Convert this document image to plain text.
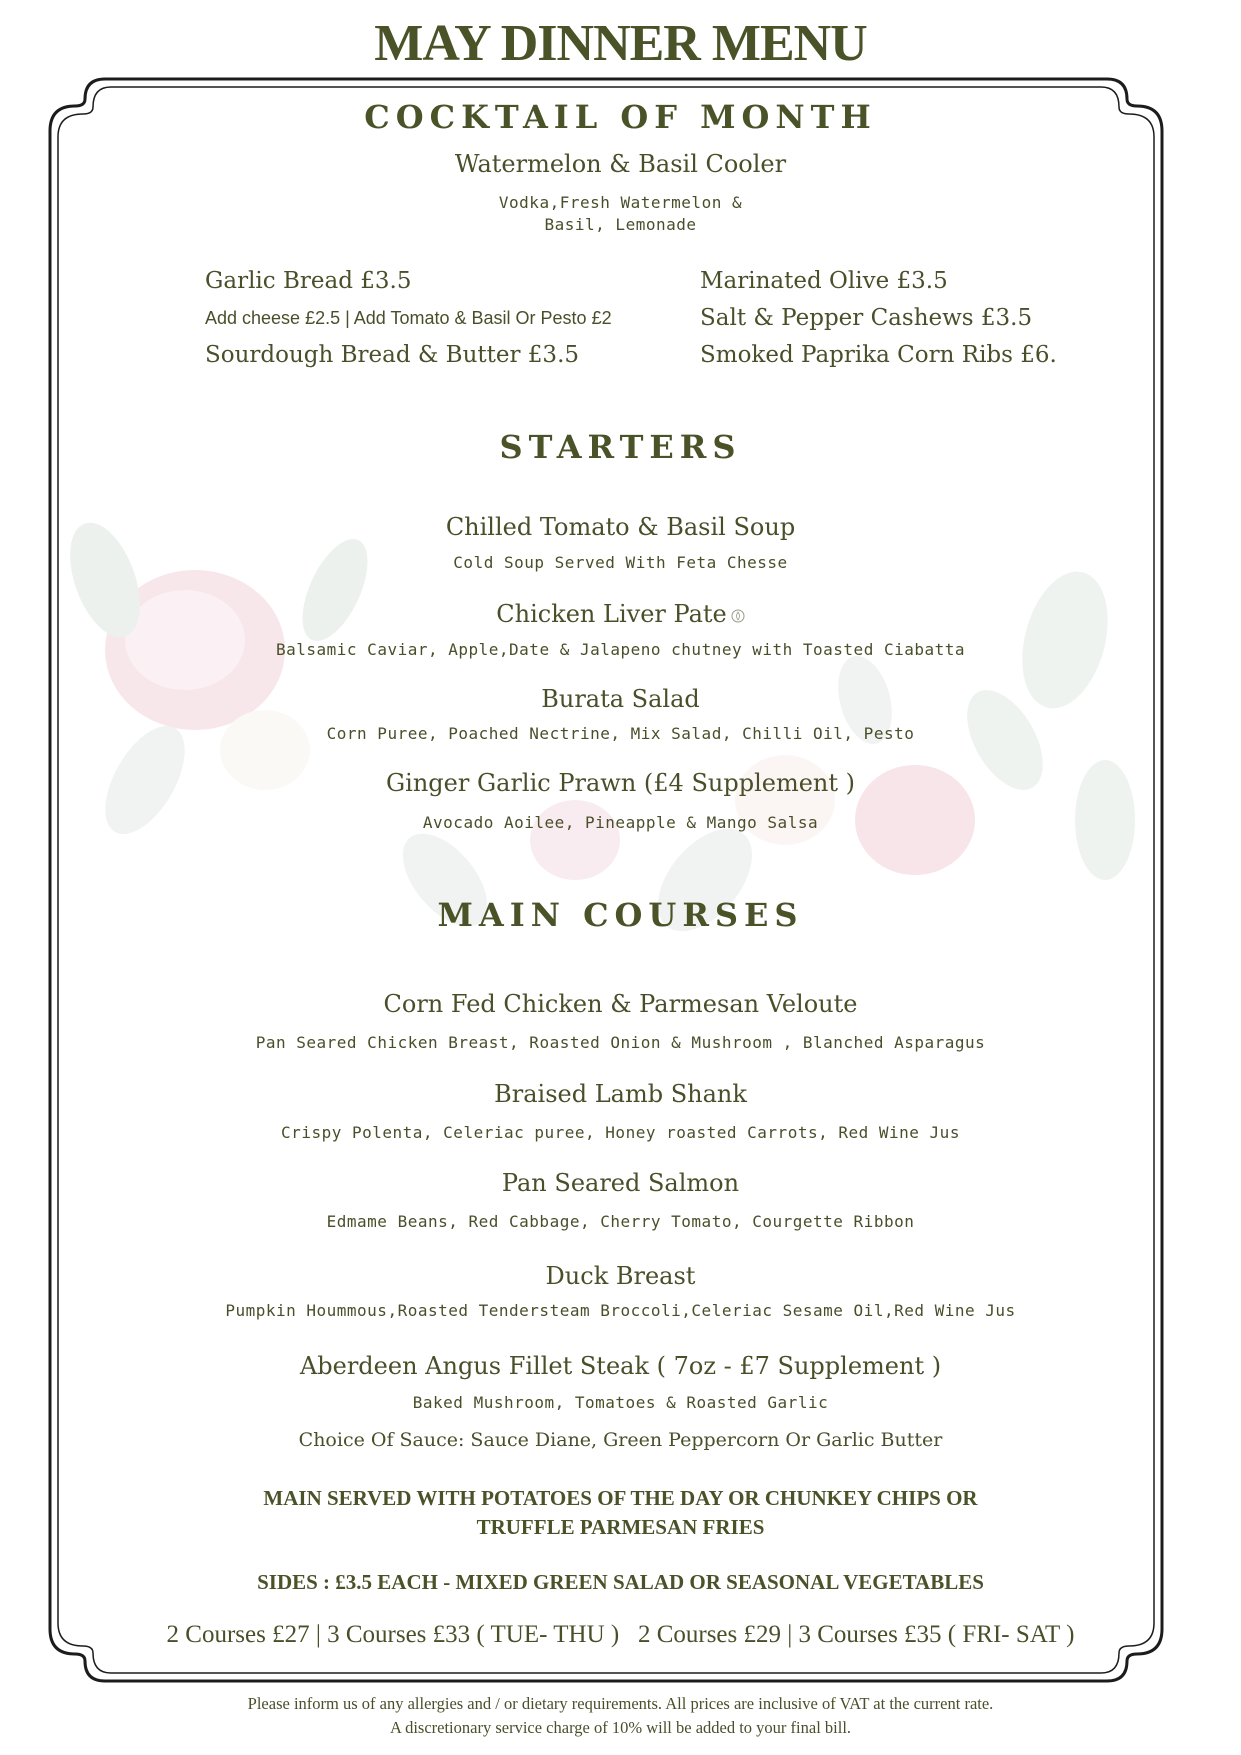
MAY DINNER MENU
COCKTAIL OF MONTH
Watermelon & Basil Cooler
Vodka,Fresh Watermelon &
Basil, Lemonade
Garlic Bread £3.5
Add cheese £2.5 | Add Tomato & Basil Or Pesto £2
Sourdough Bread & Butter £3.5
Marinated Olive £3.5
Salt & Pepper Cashews £3.5
Smoked Paprika Corn Ribs £6.
STARTERS
Chilled Tomato & Basil Soup
Cold Soup Served With Feta Chesse
Chicken Liver Pate
Balsamic Caviar, Apple,Date & Jalapeno chutney with Toasted Ciabatta
Burata Salad
Corn Puree, Poached Nectrine, Mix Salad, Chilli Oil, Pesto
Ginger Garlic Prawn (£4 Supplement )
Avocado Aoilee, Pineapple & Mango Salsa
MAIN COURSES
Corn Fed Chicken & Parmesan Veloute
Pan Seared Chicken Breast, Roasted Onion & Mushroom , Blanched Asparagus
Braised Lamb Shank
Crispy Polenta, Celeriac puree, Honey roasted Carrots, Red Wine Jus
Pan Seared Salmon
Edmame Beans, Red Cabbage, Cherry Tomato, Courgette Ribbon
Duck Breast
Pumpkin Hoummous,Roasted Tendersteam Broccoli,Celeriac Sesame Oil,Red Wine Jus
Aberdeen Angus Fillet Steak ( 7oz - £7 Supplement )
Baked Mushroom, Tomatoes & Roasted Garlic
Choice Of Sauce: Sauce Diane, Green Peppercorn Or Garlic Butter
MAIN SERVED WITH POTATOES OF THE DAY OR CHUNKEY CHIPS OR
TRUFFLE PARMESAN FRIES
SIDES : £3.5 EACH - MIXED GREEN SALAD OR SEASONAL VEGETABLES
2 Courses £27 | 3 Courses £33 ( TUE- THU )   2 Courses £29 | 3 Courses £35 ( FRI- SAT )
Please inform us of any allergies and / or dietary requirements. All prices are inclusive of VAT at the current rate.
A discretionary service charge of 10% will be added to your final bill.
